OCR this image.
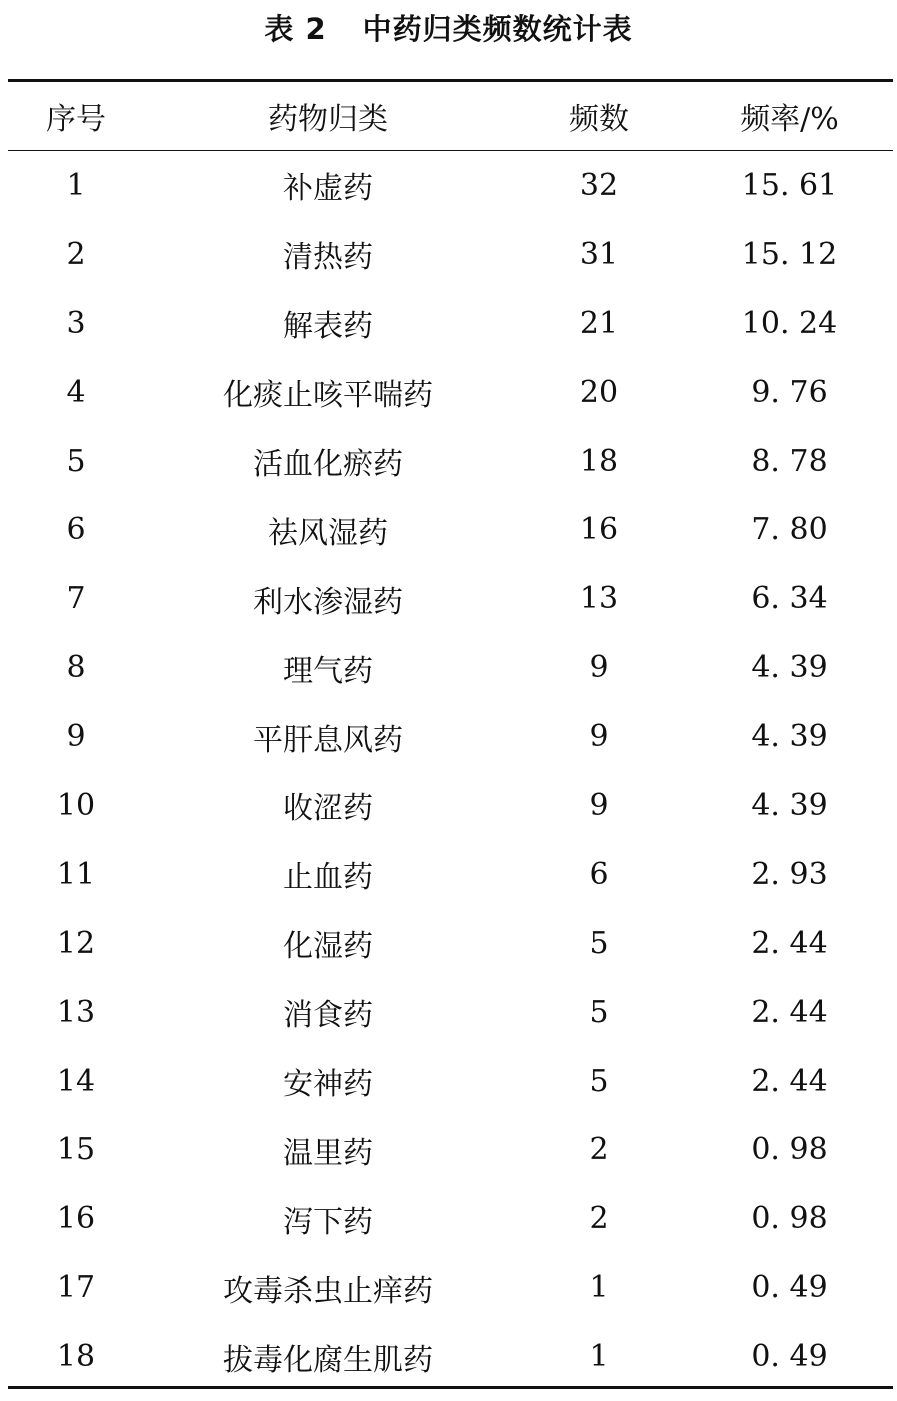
表 2 中药归类频数统计表
序号	药物归类	频数	频率/%
1	补虚药	32	15. 61
2	清热药	31	15. 12
3	解表药	21	10. 24
4	化痰止咳平喘药	20	9. 76
5	活血化瘀药	18	8. 78
6	祛风湿药	16	7. 80
7	利水渗湿药	13	6. 34
8	理气药	9	4. 39
9	平肝息风药	9	4. 39
10	收涩药	9	4. 39
11	止血药	6	2. 93
12	化湿药	5	2. 44
13	消食药	5	2. 44
14	安神药	5	2. 44
15	温里药	2	0. 98
16	泻下药	2	0. 98
17	攻毒杀虫止痒药	1	0. 49
18	拔毒化腐生肌药	1	0. 49
